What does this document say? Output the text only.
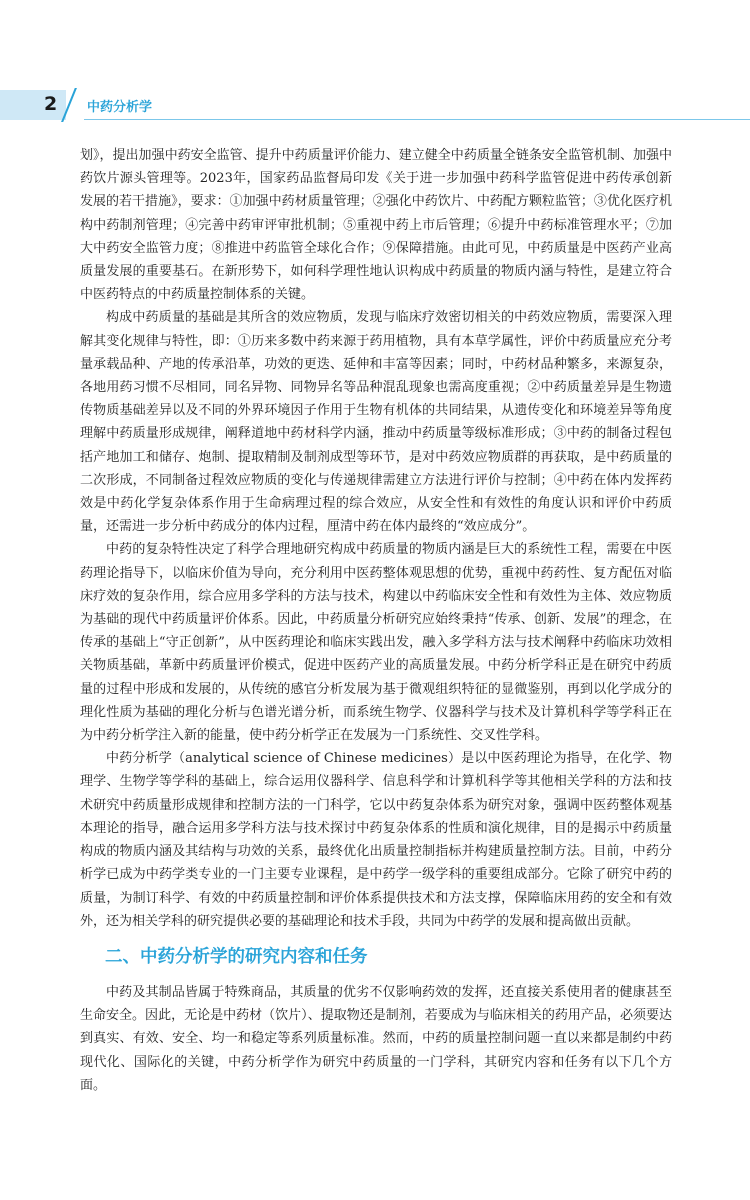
2 中药分析学

划》，提出加强中药安全监管、提升中药质量评价能力、建立健全中药质量全链条安全监管机制、加强中药饮片源头管理等。2023年，国家药品监督局印发《关于进一步加强中药科学监管促进中药传承创新发展的若干措施》，要求：①加强中药材质量管理；②强化中药饮片、中药配方颗粒监管；③优化医疗机构中药制剂管理；④完善中药审评审批机制；⑤重视中药上市后管理；⑥提升中药标准管理水平；⑦加大中药安全监管力度；⑧推进中药监管全球化合作；⑨保障措施。由此可见，中药质量是中医药产业高质量发展的重要基石。在新形势下，如何科学理性地认识构成中药质量的物质内涵与特性，是建立符合中医药特点的中药质量控制体系的关键。

构成中药质量的基础是其所含的效应物质，发现与临床疗效密切相关的中药效应物质，需要深入理解其变化规律与特性，即：①历来多数中药来源于药用植物，具有本草学属性，评价中药质量应充分考量承载品种、产地的传承沿革，功效的更迭、延伸和丰富等因素；同时，中药材品种繁多，来源复杂，各地用药习惯不尽相同，同名异物、同物异名等品种混乱现象也需高度重视；②中药质量差异是生物遗传物质基础差异以及不同的外界环境因子作用于生物有机体的共同结果，从遗传变化和环境差异等角度理解中药质量形成规律，阐释道地中药材科学内涵，推动中药质量等级标准形成；③中药的制备过程包括产地加工和储存、炮制、提取精制及制剂成型等环节，是对中药效应物质群的再获取，是中药质量的二次形成，不同制备过程效应物质的变化与传递规律需建立方法进行评价与控制；④中药在体内发挥药效是中药化学复杂体系作用于生命病理过程的综合效应，从安全性和有效性的角度认识和评价中药质量，还需进一步分析中药成分的体内过程，厘清中药在体内最终的“效应成分”。

中药的复杂特性决定了科学合理地研究构成中药质量的物质内涵是巨大的系统性工程，需要在中医药理论指导下，以临床价值为导向，充分利用中医药整体观思想的优势，重视中药药性、复方配伍对临床疗效的复杂作用，综合应用多学科的方法与技术，构建以中药临床安全性和有效性为主体、效应物质为基础的现代中药质量评价体系。因此，中药质量分析研究应始终秉持“传承、创新、发展”的理念，在传承的基础上“守正创新”，从中医药理论和临床实践出发，融入多学科方法与技术阐释中药临床功效相关物质基础，革新中药质量评价模式，促进中医药产业的高质量发展。中药分析学科正是在研究中药质量的过程中形成和发展的，从传统的感官分析发展为基于微观组织特征的显微鉴别，再到以化学成分的理化性质为基础的理化分析与色谱光谱分析，而系统生物学、仪器科学与技术及计算机科学等学科正在为中药分析学注入新的能量，使中药分析学正在发展为一门系统性、交叉性学科。

中药分析学（analytical science of Chinese medicines）是以中医药理论为指导，在化学、物理学、生物学等学科的基础上，综合运用仪器科学、信息科学和计算机科学等其他相关学科的方法和技术研究中药质量形成规律和控制方法的一门科学，它以中药复杂体系为研究对象，强调中医药整体观基本理论的指导，融合运用多学科方法与技术探讨中药复杂体系的性质和演化规律，目的是揭示中药质量构成的物质内涵及其结构与功效的关系，最终优化出质量控制指标并构建质量控制方法。目前，中药分析学已成为中药学类专业的一门主要专业课程，是中药学一级学科的重要组成部分。它除了研究中药的质量，为制订科学、有效的中药质量控制和评价体系提供技术和方法支撑，保障临床用药的安全和有效外，还为相关学科的研究提供必要的基础理论和技术手段，共同为中药学的发展和提高做出贡献。

二、中药分析学的研究内容和任务

中药及其制品皆属于特殊商品，其质量的优劣不仅影响药效的发挥，还直接关系使用者的健康甚至生命安全。因此，无论是中药材（饮片）、提取物还是制剂，若要成为与临床相关的药用产品，必须要达到真实、有效、安全、均一和稳定等系列质量标准。然而，中药的质量控制问题一直以来都是制约中药现代化、国际化的关键，中药分析学作为研究中药质量的一门学科，其研究内容和任务有以下几个方面。
